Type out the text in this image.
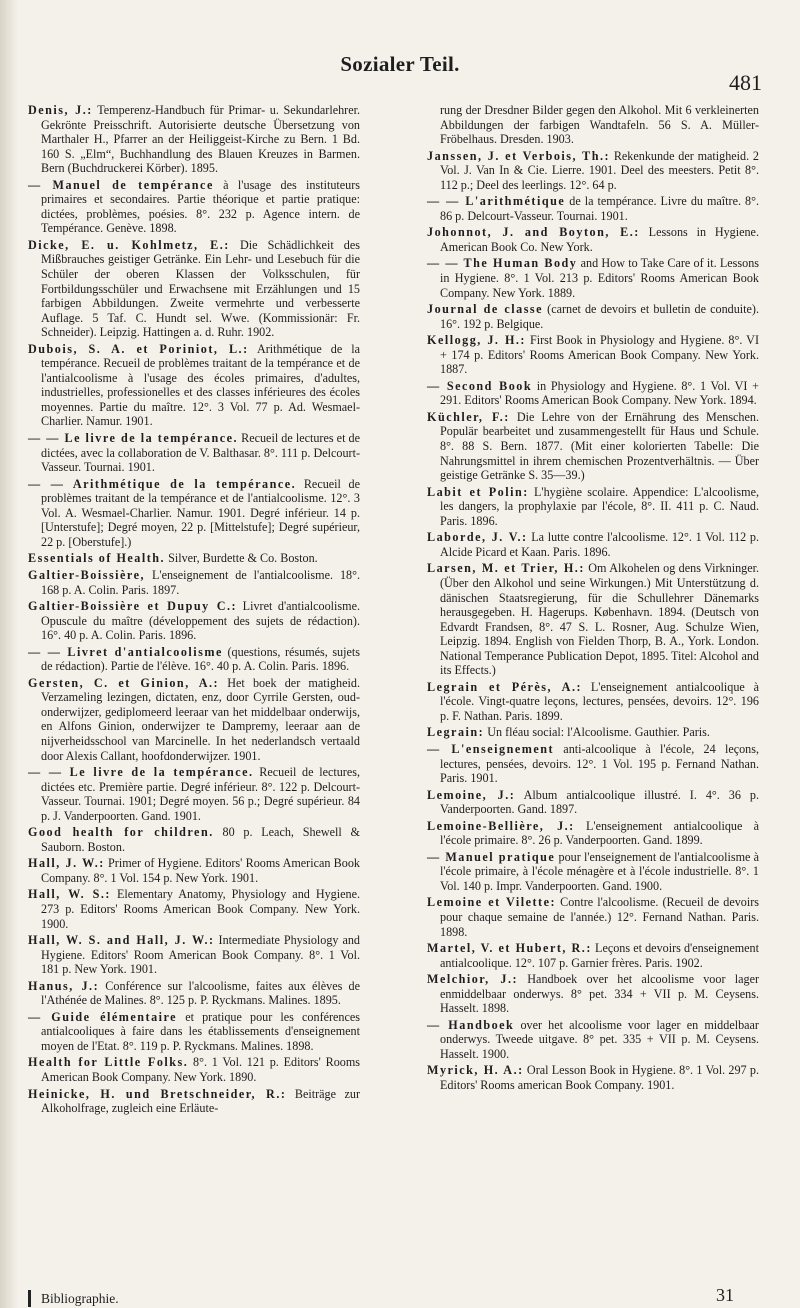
Sozialer Teil.
481

Denis, J.: Temperenz-Handbuch für Primar- u. Sekundarlehrer. Gekrönte Preisschrift. Autorisierte deutsche Übersetzung von Marthaler H., Pfarrer an der Heiliggeist-Kirche zu Bern. 1 Bd. 160 S. „Elm“, Buchhandlung des Blauen Kreuzes in Barmen. Bern (Buchdruckerei Körber). 1895.

— Manuel de tempérance à l'usage des instituteurs primaires et secondaires. Partie théorique et partie pratique: dictées, problèmes, poésies. 8°. 232 p. Agence intern. de Tempérance. Genève. 1898.

Dicke, E. u. Kohlmetz, E.: Die Schädlichkeit des Mißbrauches geistiger Getränke. Ein Lehr- und Lesebuch für die Schüler der oberen Klassen der Volksschulen, für Fortbildungsschüler und Erwachsene mit Erzählungen und 15 farbigen Abbildungen. Zweite vermehrte und verbesserte Auflage. 5 Taf. C. Hundt sel. Wwe. (Kommissionär: Fr. Schneider). Leipzig. Hattingen a. d. Ruhr. 1902.

Dubois, S. A. et Poriniot, L.: Arithmétique de la tempérance. Recueil de problèmes traitant de la tempérance et de l'antialcoolisme à l'usage des écoles primaires, d'adultes, industrielles, professionelles et des classes inférieures des écoles moyennes. Partie du maître. 12°. 3 Vol. 77 p. Ad. Wesmael-Charlier. Namur. 1901.

— — Le livre de la tempérance. Recueil de lectures et de dictées, avec la collaboration de V. Balthasar. 8°. 111 p. Delcourt-Vasseur. Tournai. 1901.

— — Arithmétique de la tempérance. Recueil de problèmes traitant de la tempérance et de l'antialcoolisme. 12°. 3 Vol. A. Wesmael-Charlier. Namur. 1901. Degré inférieur. 14 p. [Unterstufe]; Degré moyen, 22 p. [Mittelstufe]; Degré supérieur, 22 p. [Oberstufe].)

Essentials of Health. Silver, Burdette & Co. Boston.

Galtier-Boissière, L'enseignement de l'antialcoolisme. 18°. 168 p. A. Colin. Paris. 1897.

Galtier-Boissière et Dupuy C.: Livret d'antialcoolisme. Opuscule du maître (développement des sujets de rédaction). 16°. 40 p. A. Colin. Paris. 1896.

— — Livret d'antialcoolisme (questions, résumés, sujets de rédaction). Partie de l'élève. 16°. 40 p. A. Colin. Paris. 1896.

Gersten, C. et Ginion, A.: Het boek der matigheid. Verzameling lezingen, dictaten, enz, door Cyrrile Gersten, oud-onderwijzer, gediplomeerd leeraar van het middelbaar onderwijs, en Alfons Ginion, onderwijzer te Dampremy, leeraar aan de nijverheidsschool van Marcinelle. In het nederlandsch vertaald door Alexis Callant, hoofdonderwijzer. 1901.

— — Le livre de la tempérance. Recueil de lectures, dictées etc. Première partie. Degré inférieur. 8°. 122 p. Delcourt-Vasseur. Tournai. 1901; Degré moyen. 56 p.; Degré supérieur. 84 p. J. Vanderpoorten. Gand. 1901.

Good health for children. 80 p. Leach, Shewell & Sauborn. Boston.

Hall, J. W.: Primer of Hygiene. Editors' Rooms American Book Company. 8°. 1 Vol. 154 p. New York. 1901.

Hall, W. S.: Elementary Anatomy, Physiology and Hygiene. 273 p. Editors' Rooms American Book Company. New York. 1900.

Hall, W. S. and Hall, J. W.: Intermediate Physiology and Hygiene. Editors' Room American Book Company. 8°. 1 Vol. 181 p. New York. 1901.

Hanus, J.: Conférence sur l'alcoolisme, faites aux élèves de l'Athénée de Malines. 8°. 125 p. P. Ryckmans. Malines. 1895.

— Guide élémentaire et pratique pour les conférences antialcooliques à faire dans les établissements d'enseignement moyen de l'Etat. 8°. 119 p. P. Ryckmans. Malines. 1898.

Health for Little Folks. 8°. 1 Vol. 121 p. Editors' Rooms American Book Company. New York. 1890.

Heinicke, H. und Bretschneider, R.: Beiträge zur Alkoholfrage, zugleich eine Erläute-

rung der Dresdner Bilder gegen den Alkohol. Mit 6 verkleinerten Abbildungen der farbigen Wandtafeln. 56 S. A. Müller-Fröbelhaus. Dresden. 1903.

Janssen, J. et Verbois, Th.: Rekenkunde der matigheid. 2 Vol. J. Van In & Cie. Lierre. 1901. Deel des meesters. Petit 8°. 112 p.; Deel des leerlings. 12°. 64 p.

— — L'arithmétique de la tempérance. Livre du maître. 8°. 86 p. Delcourt-Vasseur. Tournai. 1901.

Johonnot, J. and Boyton, E.: Lessons in Hygiene. American Book Co. New York.

— — The Human Body and How to Take Care of it. Lessons in Hygiene. 8°. 1 Vol. 213 p. Editors' Rooms American Book Company. New York. 1889.

Journal de classe (carnet de devoirs et bulletin de conduite). 16°. 192 p. Belgique.

Kellogg, J. H.: First Book in Physiology and Hygiene. 8°. VI + 174 p. Editors' Rooms American Book Company. New York. 1887.

— Second Book in Physiology and Hygiene. 8°. 1 Vol. VI + 291. Editors' Rooms American Book Company. New York. 1894.

Küchler, F.: Die Lehre von der Ernährung des Menschen. Populär bearbeitet und zusammengestellt für Haus und Schule. 8°. 88 S. Bern. 1877. (Mit einer kolorierten Tabelle: Die Nahrungsmittel in ihrem chemischen Prozentverhältnis. — Über geistige Getränke S. 35—39.)

Labit et Polin: L'hygiène scolaire. Appendice: L'alcoolisme, les dangers, la prophylaxie par l'école, 8°. II. 411 p. C. Naud. Paris. 1896.

Laborde, J. V.: La lutte contre l'alcoolisme. 12°. 1 Vol. 112 p. Alcide Picard et Kaan. Paris. 1896.

Larsen, M. et Trier, H.: Om Alkohelen og dens Virkninger. (Über den Alkohol und seine Wirkungen.) Mit Unterstützung d. dänischen Staatsregierung, für die Schullehrer Dänemarks herausgegeben. H. Hagerups. København. 1894. (Deutsch von Edvardt Frandsen, 8°. 47 S. L. Rosner, Aug. Schulze Wien, Leipzig. 1894. English von Fielden Thorp, B. A., York. London. National Temperance Publication Depot, 1895. Titel: Alcohol and its Effects.)

Legrain et Pérès, A.: L'enseignement antialcoolique à l'école. Vingt-quatre leçons, lectures, pensées, devoirs. 12°. 196 p. F. Nathan. Paris. 1899.

Legrain: Un fléau social: l'Alcoolisme. Gauthier. Paris.

— L'enseignement anti-alcoolique à l'école, 24 leçons, lectures, pensées, devoirs. 12°. 1 Vol. 195 p. Fernand Nathan. Paris. 1901.

Lemoine, J.: Album antialcoolique illustré. I. 4°. 36 p. Vanderpoorten. Gand. 1897.

Lemoine-Bellière, J.: L'enseignement antialcoolique à l'école primaire. 8°. 26 p. Vanderpoorten. Gand. 1899.

— Manuel pratique pour l'enseignement de l'antialcoolisme à l'école primaire, à l'école ménagère et à l'école industrielle. 8°. 1 Vol. 140 p. Impr. Vanderpoorten. Gand. 1900.

Lemoine et Vilette: Contre l'alcoolisme. (Recueil de devoirs pour chaque semaine de l'année.) 12°. Fernand Nathan. Paris. 1898.

Martel, V. et Hubert, R.: Leçons et devoirs d'enseignement antialcoolique. 12°. 107 p. Garnier frères. Paris. 1902.

Melchior, J.: Handboek over het alcoolisme voor lager enmiddelbaar onderwys. 8° pet. 334 + VII p. M. Ceysens. Hasselt. 1898.

— Handboek over het alcoolisme voor lager en middelbaar onderwys. Tweede uitgave. 8° pet. 335 + VII p. M. Ceysens. Hasselt. 1900.

Myrick, H. A.: Oral Lesson Book in Hygiene. 8°. 1 Vol. 297 p. Editors' Rooms american Book Company. 1901.

Bibliographie.	31
